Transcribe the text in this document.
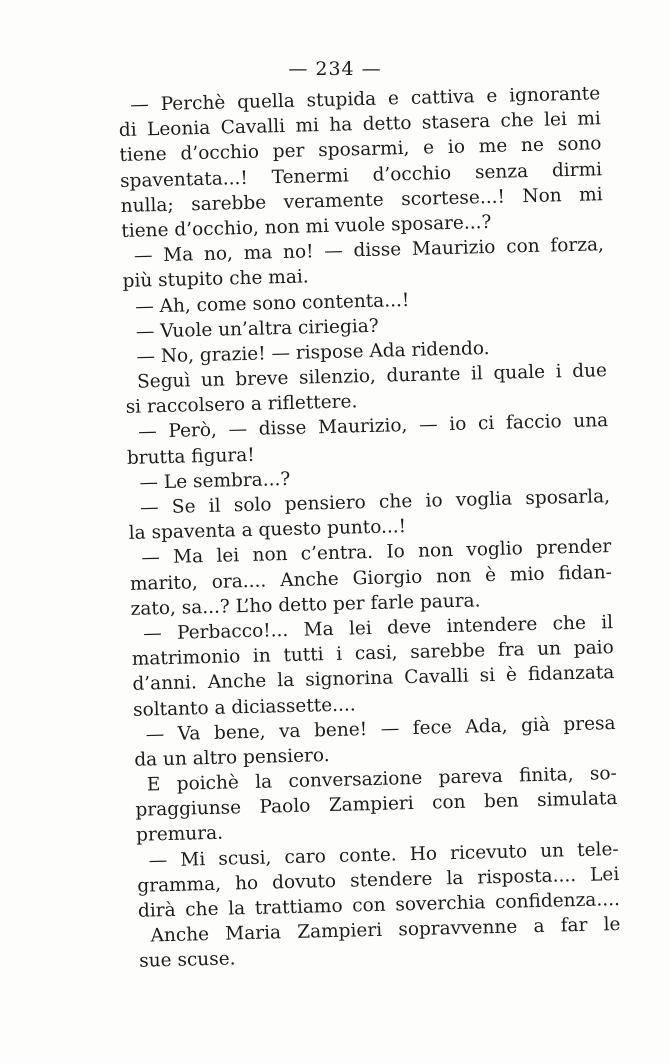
— 234 —
— Perchè quella stupida e cattiva e ignorante
di Leonia Cavalli mi ha detto stasera che lei mi
tiene d’occhio per sposarmi, e io me ne sono
spaventata...! Tenermi d’occhio senza dirmi
nulla; sarebbe veramente scortese...! Non mi
tiene d’occhio, non mi vuole sposare...?
— Ma no, ma no! — disse Maurizio con forza,
più stupito che mai.
— Ah, come sono contenta...!
— Vuole un’altra ciriegia?
— No, grazie! — rispose Ada ridendo.
Seguì un breve silenzio, durante il quale i due
si raccolsero a riflettere.
— Però, — disse Maurizio, — io ci faccio una
brutta figura!
— Le sembra...?
— Se il solo pensiero che io voglia sposarla,
la spaventa a questo punto...!
— Ma lei non c’entra. Io non voglio prender
marito, ora.... Anche Giorgio non è mio fidan-
zato, sa...? L’ho detto per farle paura.
— Perbacco!... Ma lei deve intendere che il
matrimonio in tutti i casi, sarebbe fra un paio
d’anni. Anche la signorina Cavalli si è fidanzata
soltanto a diciassette....
— Va bene, va bene! — fece Ada, già presa
da un altro pensiero.
E poichè la conversazione pareva finita, so-
praggiunse Paolo Zampieri con ben simulata
premura.
— Mi scusi, caro conte. Ho ricevuto un tele-
gramma, ho dovuto stendere la risposta.... Lei
dirà che la trattiamo con soverchia confidenza....
Anche Maria Zampieri sopravvenne a far le
sue scuse.
